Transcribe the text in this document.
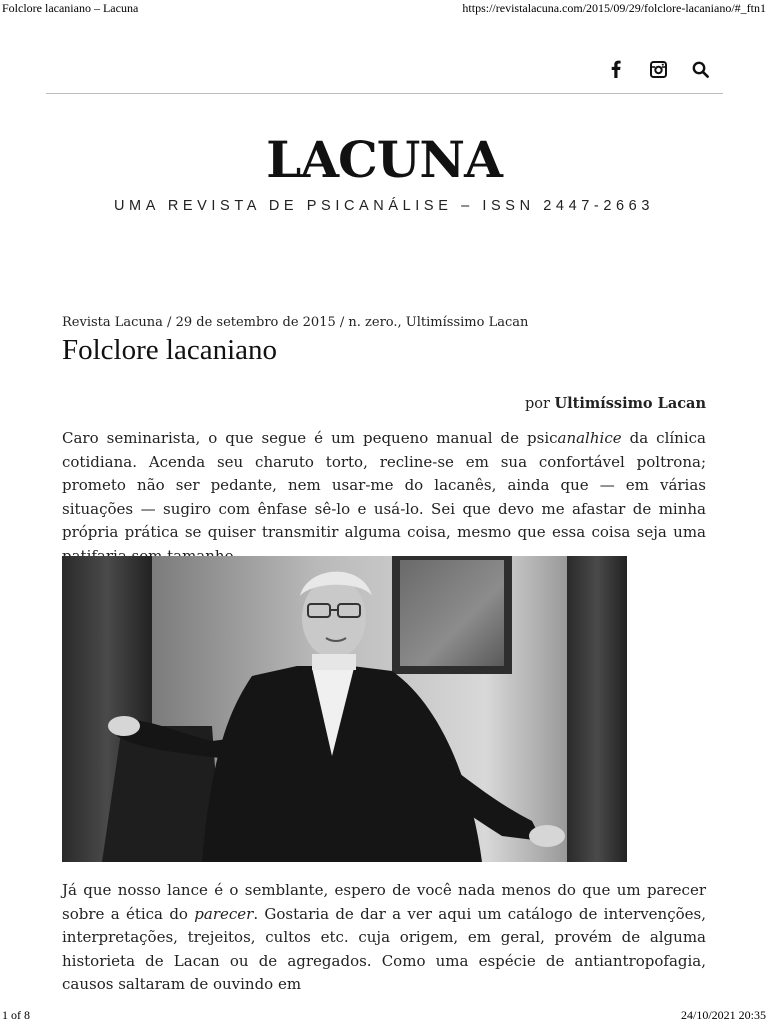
Folclore lacaniano – Lacuna	https://revistalacuna.com/2015/09/29/folclore-lacaniano/#_ftn1
LACUNA
UMA REVISTA DE PSICANÁLISE – ISSN 2447-2663
Revista Lacuna / 29 de setembro de 2015 / n. zero., Ultimíssimo Lacan
Folclore lacaniano
por Ultimíssimo Lacan

Caro seminarista, o que segue é um pequeno manual de psicanalhice da clínica cotidiana. Acenda seu charuto torto, recline-se em sua confortável poltrona; prometo não ser pedante, nem usar-me do lacanês, ainda que — em várias situações — sugiro com ênfase sê-lo e usá-lo. Sei que devo me afastar de minha própria prática se quiser transmitir alguma coisa, mesmo que essa coisa seja uma

Já que nosso lance é o semblante, espero de você nada menos do que um parecer sobre a ética do parecer. Gostaria de dar a ver aqui um catálogo de intervenções, interpretações, trejeitos, cultos etc. cuja origem, em geral, provém de alguma historieta de Lacan ou de agregados. Como uma espécie de antiantropofagia, causos saltaram de ouvindo em

1 of 8	24/10/2021 20:35
